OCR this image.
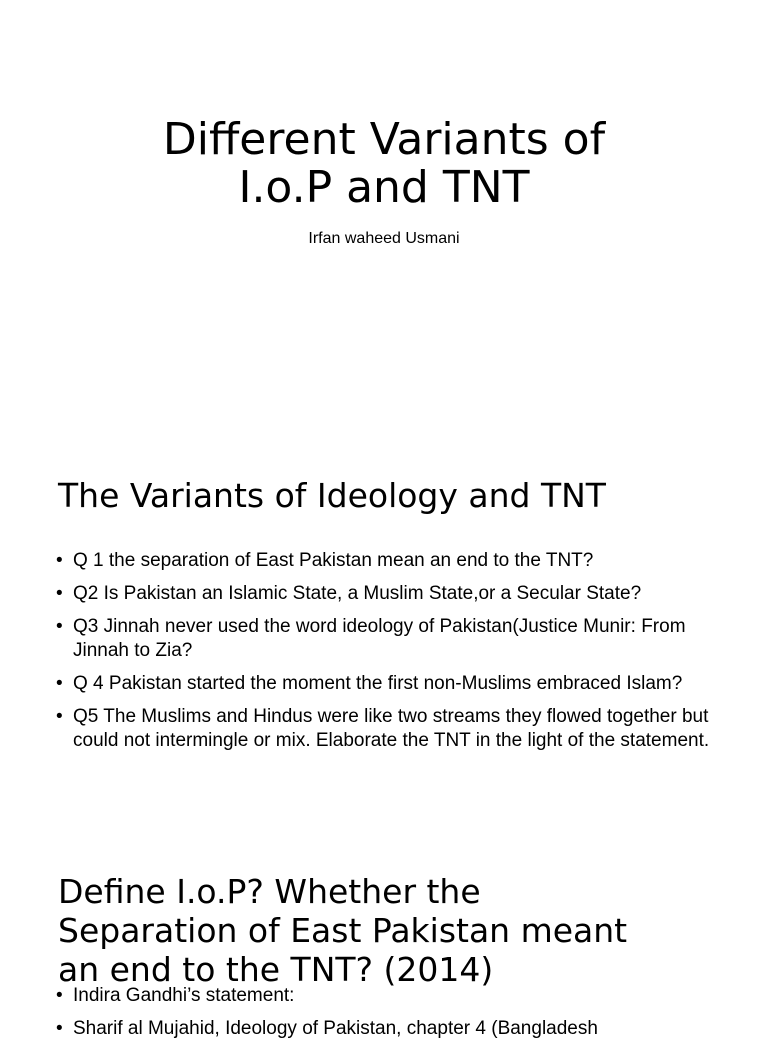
Different Variants of
I.o.P and TNT
Irfan waheed Usmani
The Variants of Ideology and TNT
• Q 1 the separation of East Pakistan mean an end to the TNT?
• Q2 Is Pakistan an Islamic State, a Muslim State,or a Secular State?
• Q3 Jinnah never used the word ideology of Pakistan(Justice Munir: From Jinnah to Zia?
• Q 4 Pakistan started the moment the first non-Muslims embraced Islam?
• Q5 The Muslims and Hindus were like two streams they flowed together but could not intermingle or mix. Elaborate the TNT in the light of the statement.
Define I.o.P? Whether the
Separation of East Pakistan meant
an end to the TNT? (2014)
• Indira Gandhi’s statement:
• Sharif al Mujahid, Ideology of Pakistan, chapter 4 (Bangladesh
